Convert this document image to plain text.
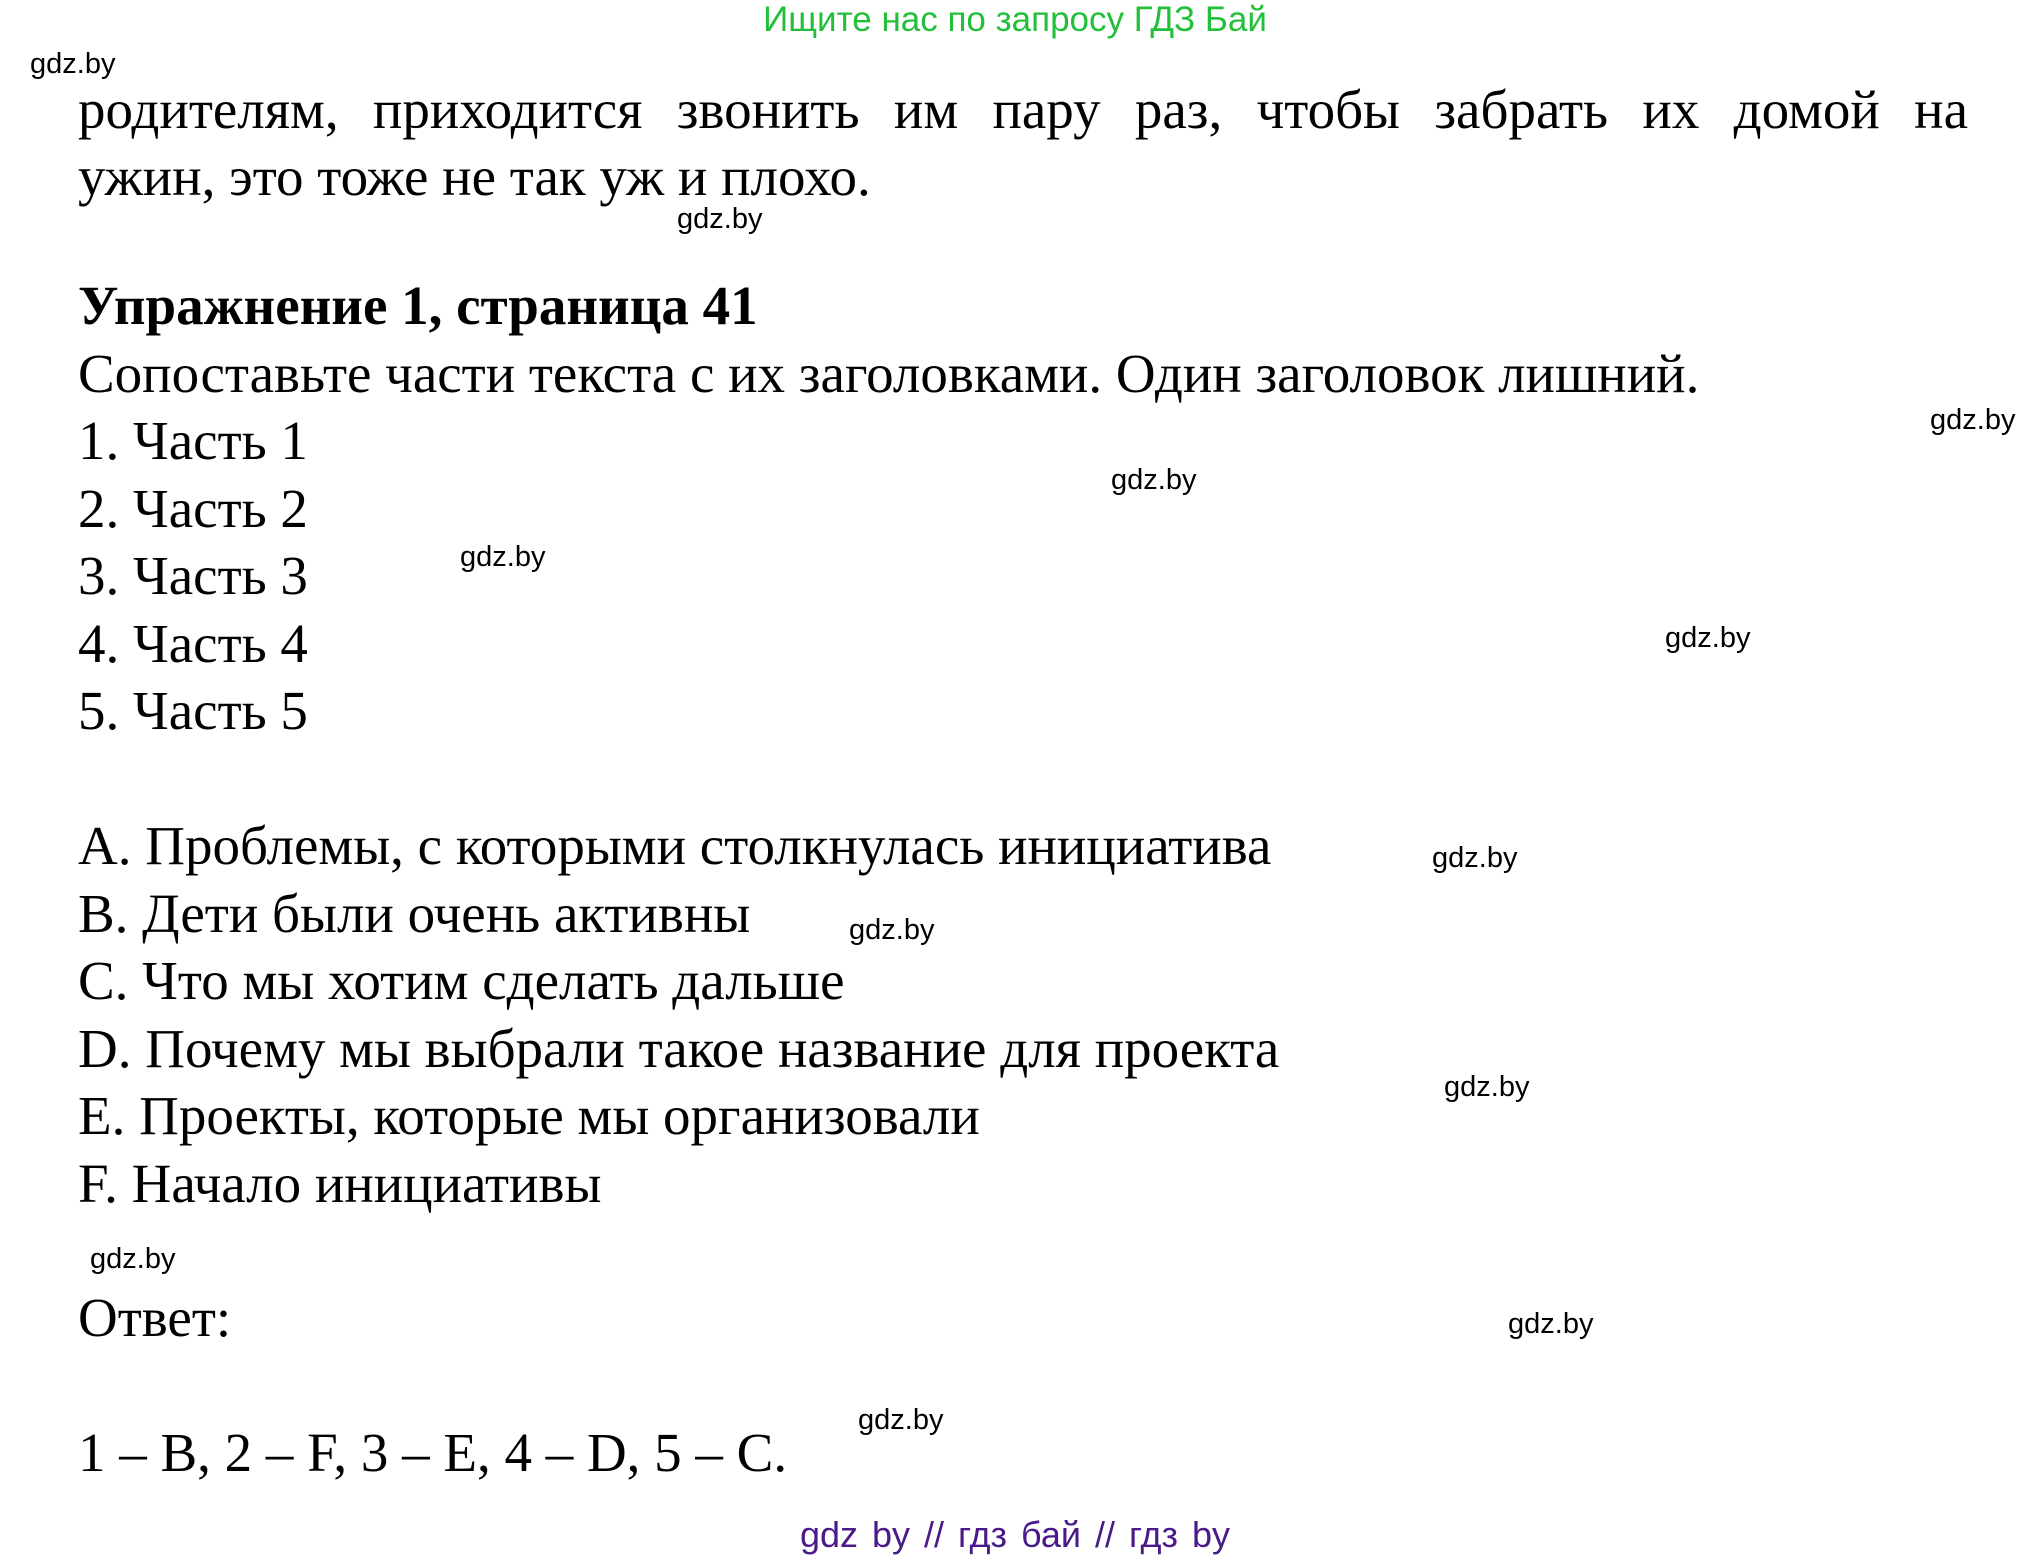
Ищите нас по запросу ГДЗ Бай

родителям, приходится звонить им пару раз, чтобы забрать их домой на
ужин, это тоже не так уж и плохо.

Упражнение 1, страница 41

Сопоставьте части текста с их заголовками. Один заголовок лишний.

1. Часть 1
2. Часть 2
3. Часть 3
4. Часть 4
5. Часть 5
A. Проблемы, с которыми столкнулась инициатива
B. Дети были очень активны
C. Что мы хотим сделать дальше
D. Почему мы выбрали такое название для проекта
E. Проекты, которые мы организовали
F. Начало инициативы

Ответ:

1 – B, 2 – F, 3 – E, 4 – D, 5 – C.

gdz.by
gdz.by
gdz.by
gdz.by
gdz.by
gdz.by
gdz.by
gdz.by
gdz.by
gdz.by
gdz.by
gdz.by
gdz by // гдз бай // гдз by
